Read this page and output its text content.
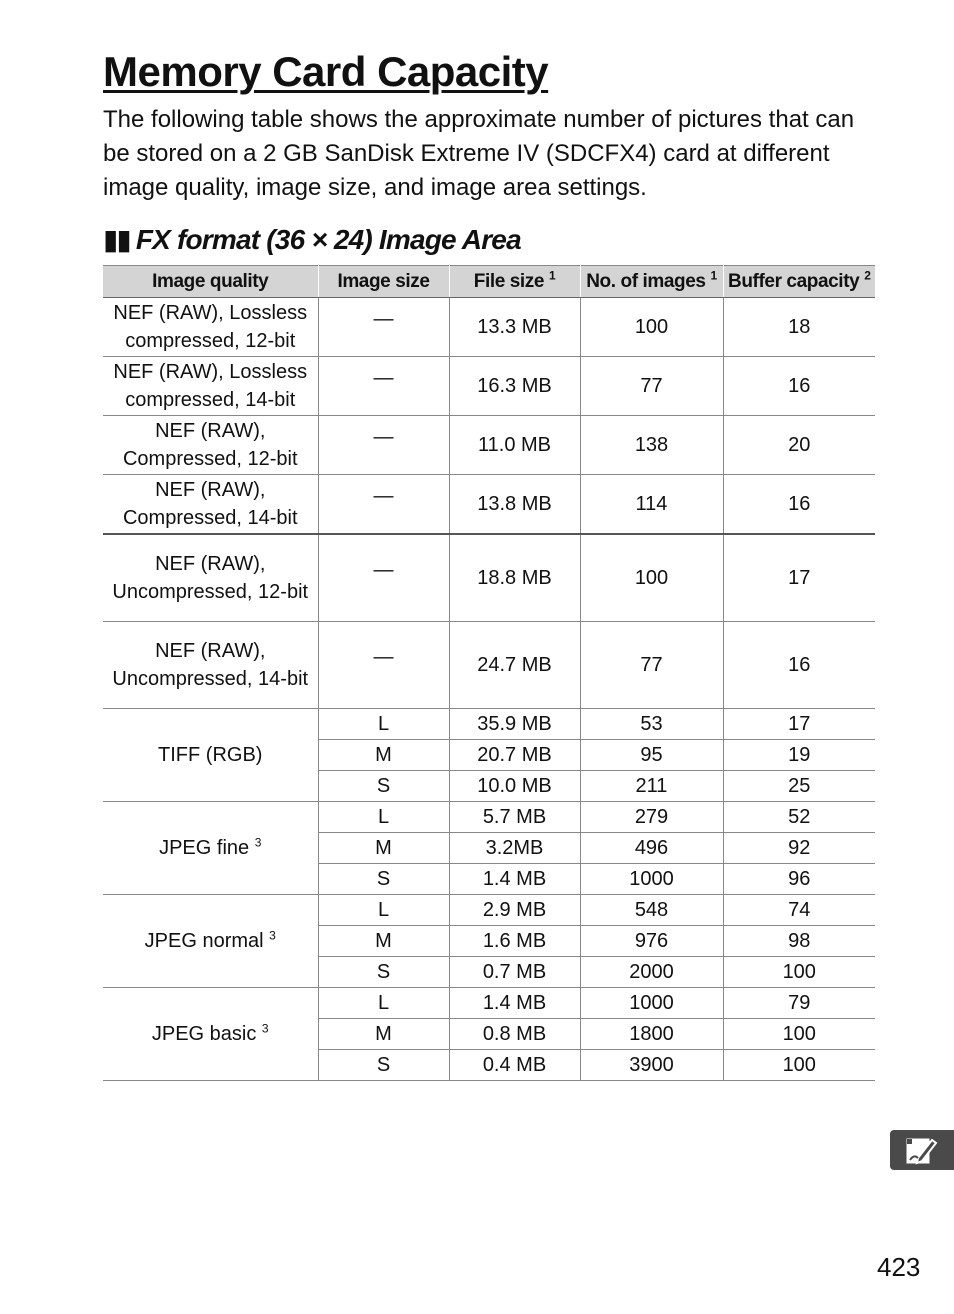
Memory Card Capacity

The following table shows the approximate number of pictures that can be stored on a 2 GB SanDisk Extreme IV (SDCFX4) card at different image quality, image size, and image area settings.

▮▮ FX format (36 × 24) Image Area
Image quality	Image size	File size $^1$	No. of images $^1$	Buffer capacity $^2$
NEF (RAW), Lossless compressed, 12-bit	—	13.3 MB	100	18
NEF (RAW), Lossless compressed, 14-bit	—	16.3 MB	77	16
NEF (RAW), Compressed, 12-bit	—	11.0 MB	138	20
NEF (RAW), Compressed, 14-bit	—	13.8 MB	114	16
NEF (RAW), Uncompressed, 12-bit	—	18.8 MB	100	17
NEF (RAW), Uncompressed, 14-bit	—	24.7 MB	77	16
TIFF (RGB)	L	35.9 MB	53	17
	M	20.7 MB	95	19
	S	10.0 MB	211	25
JPEG fine $^3$	L	5.7 MB	279	52
	M	3.2MB	496	92
	S	1.4 MB	1000	96
JPEG normal $^3$	L	2.9 MB	548	74
	M	1.6 MB	976	98
	S	0.7 MB	2000	100
JPEG basic $^3$	L	1.4 MB	1000	79
	M	0.8 MB	1800	100
	S	0.4 MB	3900	100
423
